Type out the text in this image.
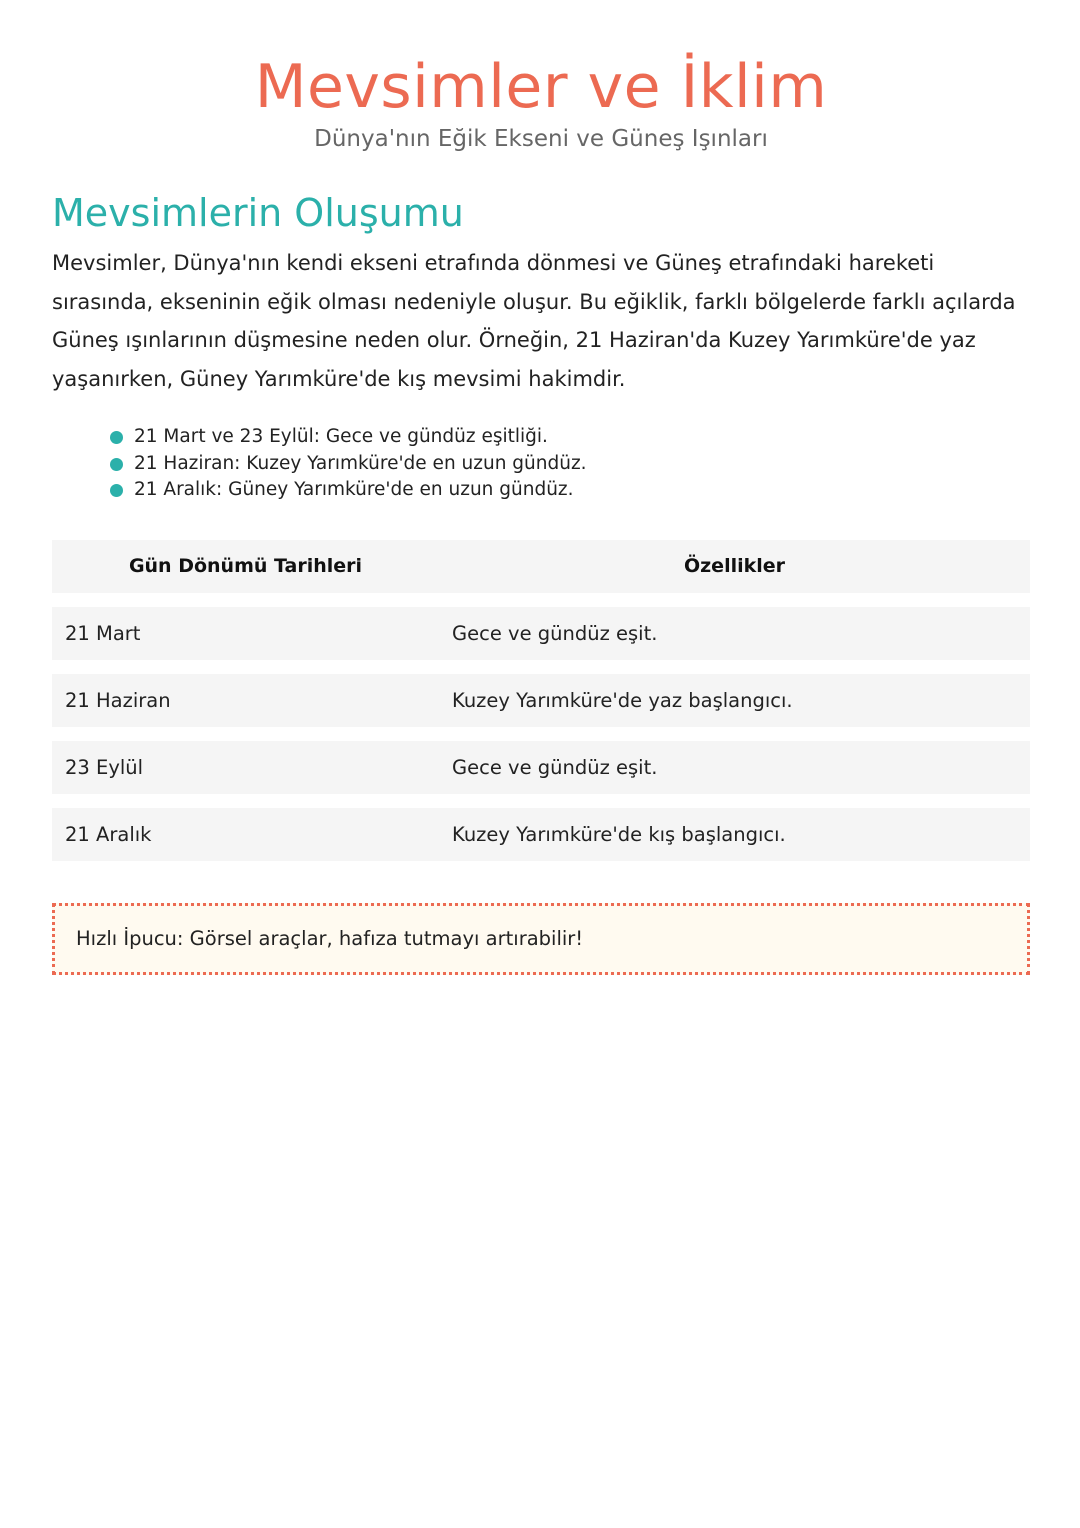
Mevsimler ve İklim

Dünya'nın Eğik Ekseni ve Güneş Işınları

Mevsimlerin Oluşumu

Mevsimler, Dünya'nın kendi ekseni etrafında dönmesi ve Güneş etrafındaki hareketi sırasında, ekseninin eğik olması nedeniyle oluşur. Bu eğiklik, farklı bölgelerde farklı açılarda Güneş ışınlarının düşmesine neden olur. Örneğin, 21 Haziran'da Kuzey Yarımküre'de yaz yaşanırken, Güney Yarımküre'de kış mevsimi hakimdir.

21 Mart ve 23 Eylül: Gece ve gündüz eşitliği.
21 Haziran: Kuzey Yarımküre'de en uzun gündüz.
21 Aralık: Güney Yarımküre'de en uzun gündüz.
Gün Dönümü Tarihleri	Özellikler
21 Mart	Gece ve gündüz eşit.
21 Haziran	Kuzey Yarımküre'de yaz başlangıcı.
23 Eylül	Gece ve gündüz eşit.
21 Aralık	Kuzey Yarımküre'de kış başlangıcı.
Hızlı İpucu: Görsel araçlar, hafıza tutmayı artırabilir!
